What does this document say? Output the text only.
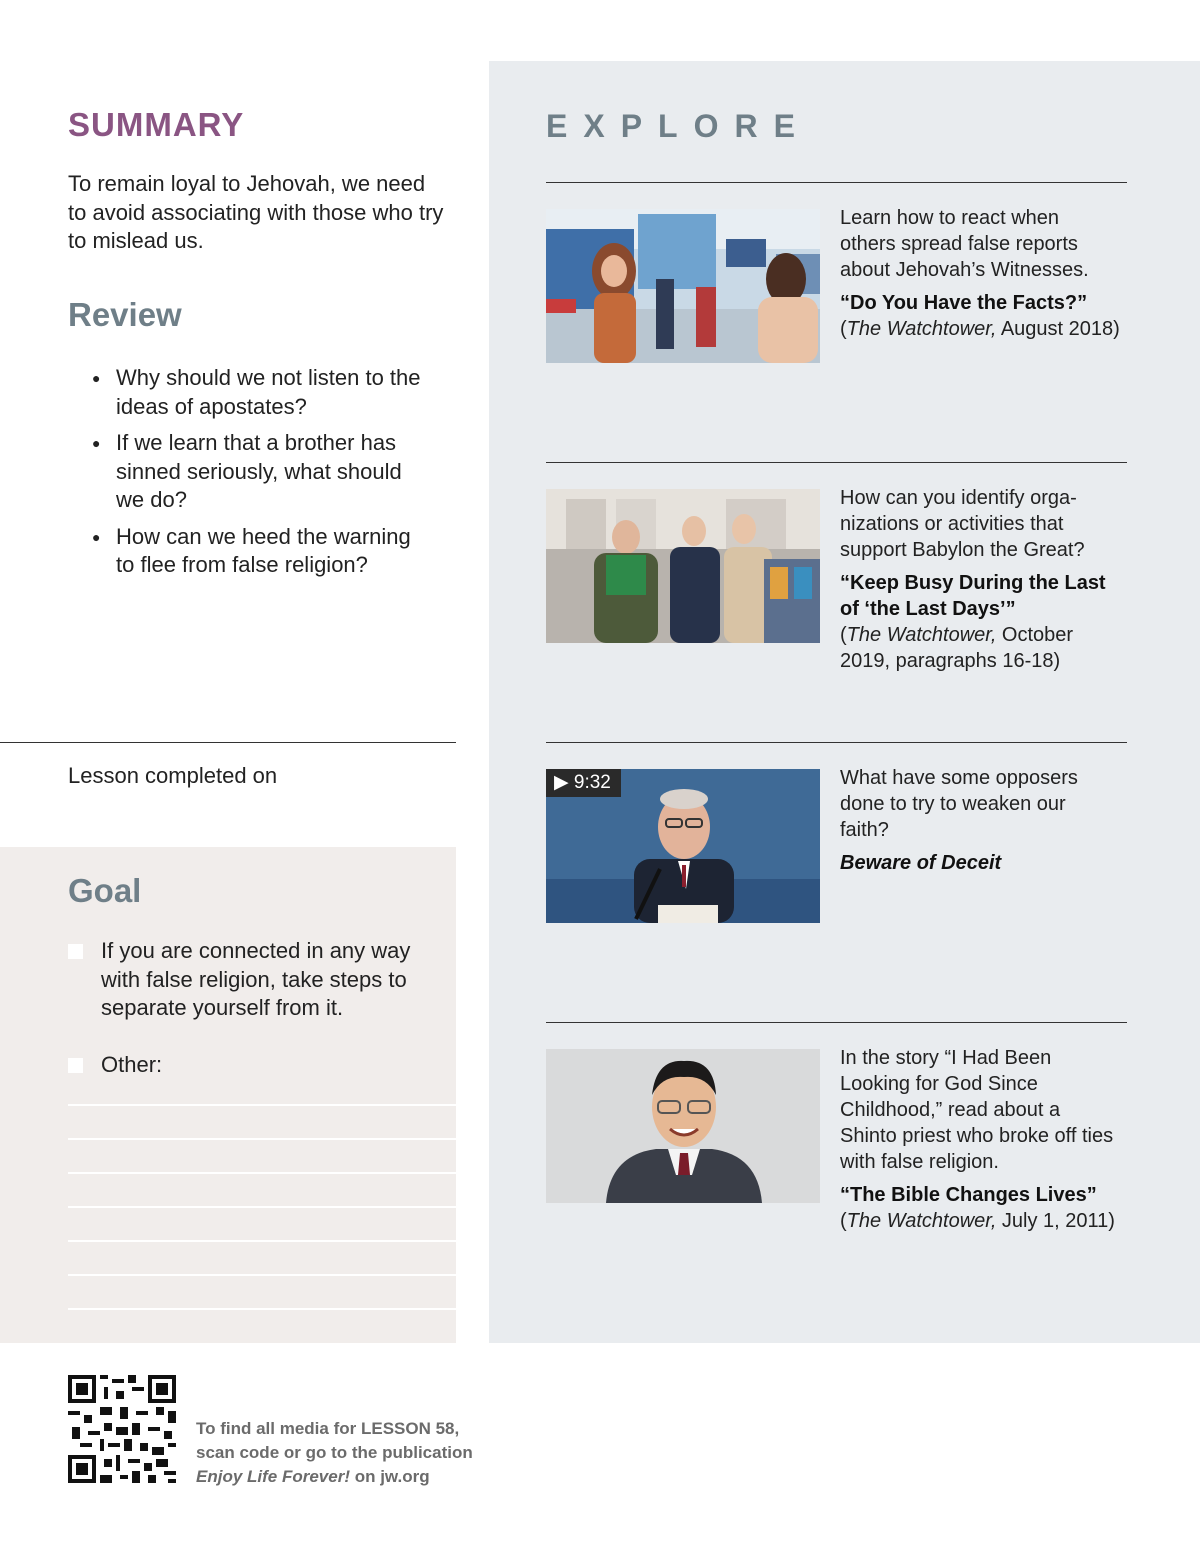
SUMMARY
To remain loyal to Jehovah, we need to avoid associating with those who try to mislead us.
Review
● Why should we not listen to the ideas of apostates?
● If we learn that a brother has sinned seriously, what should we do?
● How can we heed the warning to flee from false religion?
Lesson completed on
Goal
If you are connected in any way with false religion, take steps to separate yourself from it.
Other:
EXPLORE
Learn how to react when others spread false reports about Jehovah’s Witnesses.
“Do You Have the Facts?”
(The Watchtower, August 2018)
How can you identify organizations or activities that support Babylon the Great?
“Keep Busy During the Last of ‘the Last Days’”
(The Watchtower, October 2019, paragraphs 16-18)
▶ 9:32	What have some opposers done to try to weaken our faith?
Beware of Deceit
In the story “I Had Been Looking for God Since Childhood,” read about a Shinto priest who broke off ties with false religion.
“The Bible Changes Lives”
(The Watchtower, July 1, 2011)
To find all media for LESSON 58,
scan code or go to the publication
Enjoy Life Forever! on jw.org
